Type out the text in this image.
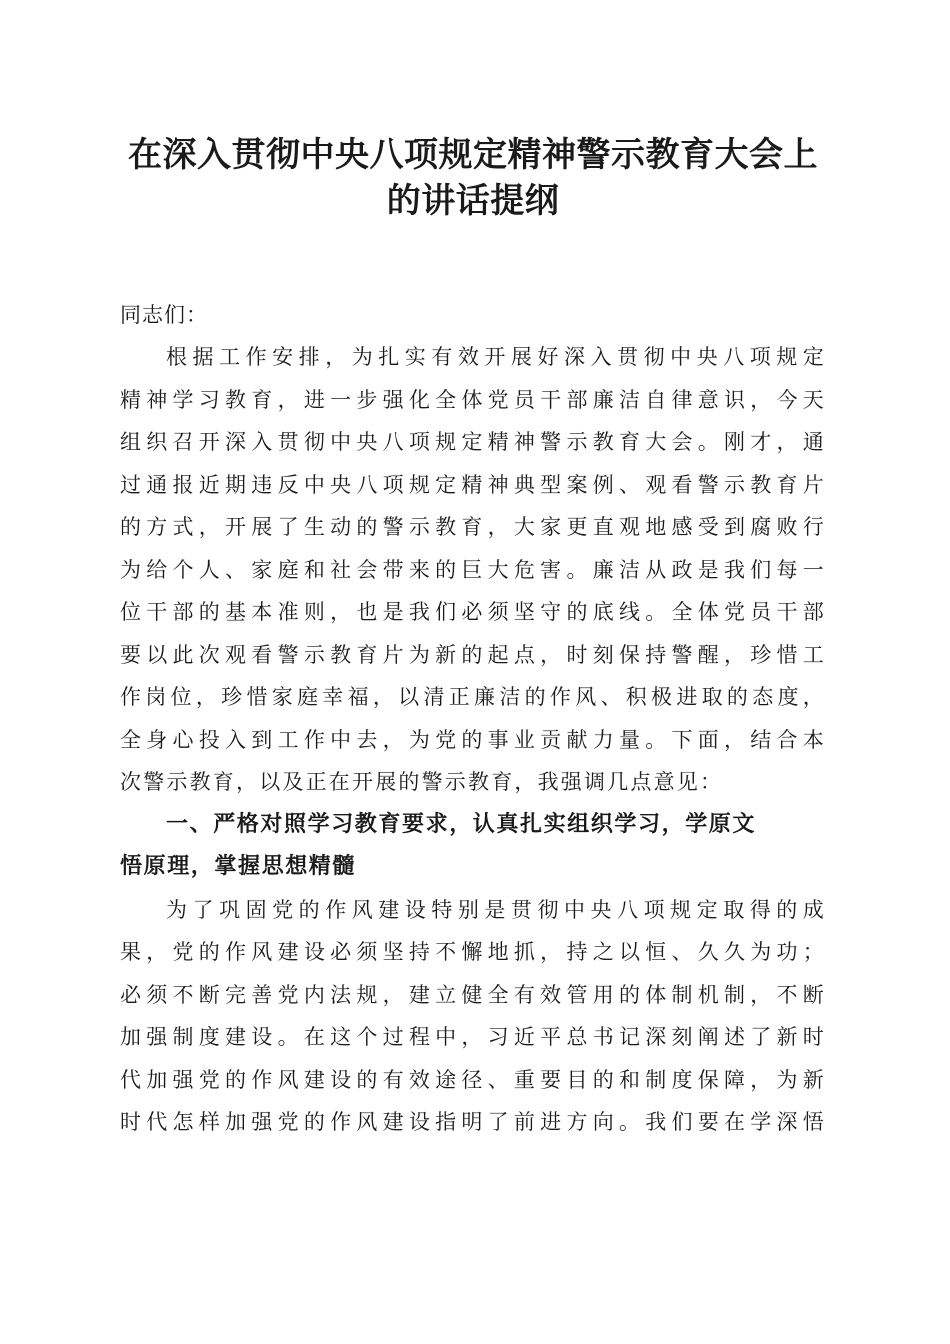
在深入贯彻中央八项规定精神警示教育大会上
的讲话提纲

同志们：

根据工作安排，为扎实有效开展好深入贯彻中央八项规定
精神学习教育，进一步强化全体党员干部廉洁自律意识，今天
组织召开深入贯彻中央八项规定精神警示教育大会。刚才，通
过通报近期违反中央八项规定精神典型案例、观看警示教育片
的方式，开展了生动的警示教育，大家更直观地感受到腐败行
为给个人、家庭和社会带来的巨大危害。廉洁从政是我们每一
位干部的基本准则，也是我们必须坚守的底线。全体党员干部
要以此次观看警示教育片为新的起点，时刻保持警醒，珍惜工
作岗位，珍惜家庭幸福，以清正廉洁的作风、积极进取的态度，
全身心投入到工作中去，为党的事业贡献力量。下面，结合本
次警示教育，以及正在开展的警示教育，我强调几点意见：
一、严格对照学习教育要求，认真扎实组织学习，学原文
悟原理，掌握思想精髓
为了巩固党的作风建设特别是贯彻中央八项规定取得的成
果，党的作风建设必须坚持不懈地抓，持之以恒、久久为功；
必须不断完善党内法规，建立健全有效管用的体制机制，不断
加强制度建设。在这个过程中，习近平总书记深刻阐述了新时
代加强党的作风建设的有效途径、重要目的和制度保障，为新
时代怎样加强党的作风建设指明了前进方向。我们要在学深悟
